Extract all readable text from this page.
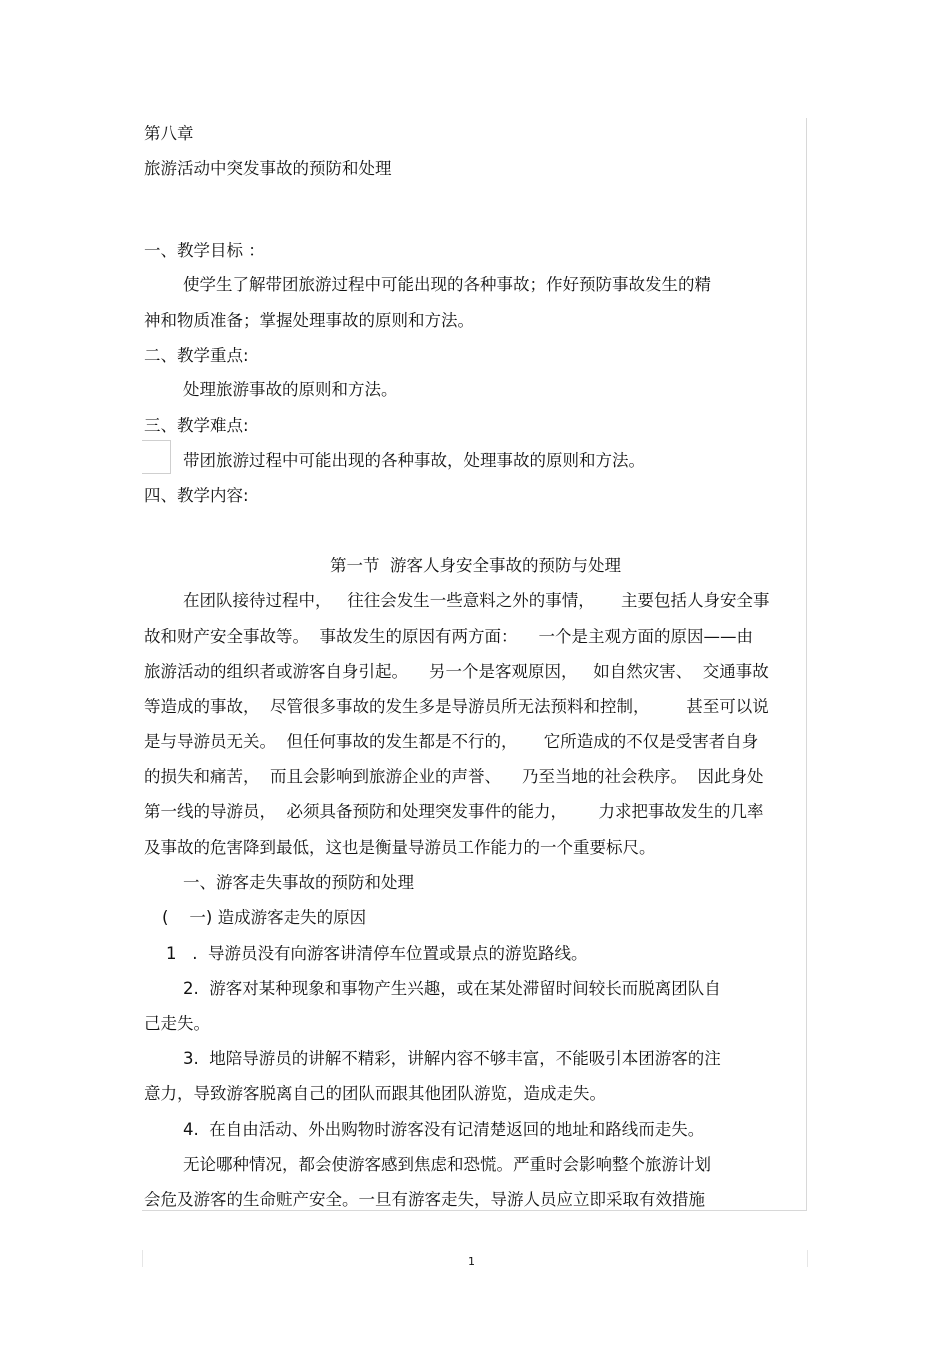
第八章
旅游活动中突发事故的预防和处理
一、教学目标 ：
使学生了解带团旅游过程中可能出现的各种事故；作好预防事故发生的精
神和物质准备；掌握处理事故的原则和方法。
二、教学重点:
处理旅游事故的原则和方法。
三、教学难点:
带团旅游过程中可能出现的各种事故，处理事故的原则和方法。
四、教学内容:
第一节  游客人身安全事故的预防与处理
在团队接待过程中，   往往会发生一些意料之外的事情，     主要包括人身安全事
故和财产安全事故等。  事故发生的原因有两方面：    一个是主观方面的原因——由
旅游活动的组织者或游客自身引起。    另一个是客观原因，   如自然灾害、  交通事故
等造成的事故，  尽管很多事故的发生多是导游员所无法预料和控制，       甚至可以说
是与导游员无关。  但任何事故的发生都是不行的，     它所造成的不仅是受害者自身
的损失和痛苦，  而且会影响到旅游企业的声誉、    乃至当地的社会秩序。  因此身处
第一线的导游员，  必须具备预防和处理突发事件的能力，      力求把事故发生的几率
及事故的危害降到最低，这也是衡量导游员工作能力的一个重要标尺。
一、游客走失事故的预防和处理
(    一) 造成游客走失的原因
1   .  导游员没有向游客讲清停车位置或景点的游览路线。
2.  游客对某种现象和事物产生兴趣，或在某处滞留时间较长而脱离团队自
己走失。
3.  地陪导游员的讲解不精彩，讲解内容不够丰富，不能吸引本团游客的注
意力，导致游客脱离自己的团队而跟其他团队游览，造成走失。
4.  在自由活动、外出购物时游客没有记清楚返回的地址和路线而走失。
无论哪种情况，都会使游客感到焦虑和恐慌。严重时会影响整个旅游计划
会危及游客的生命赃产安全。一旦有游客走失，导游人员应立即采取有效措施
1
